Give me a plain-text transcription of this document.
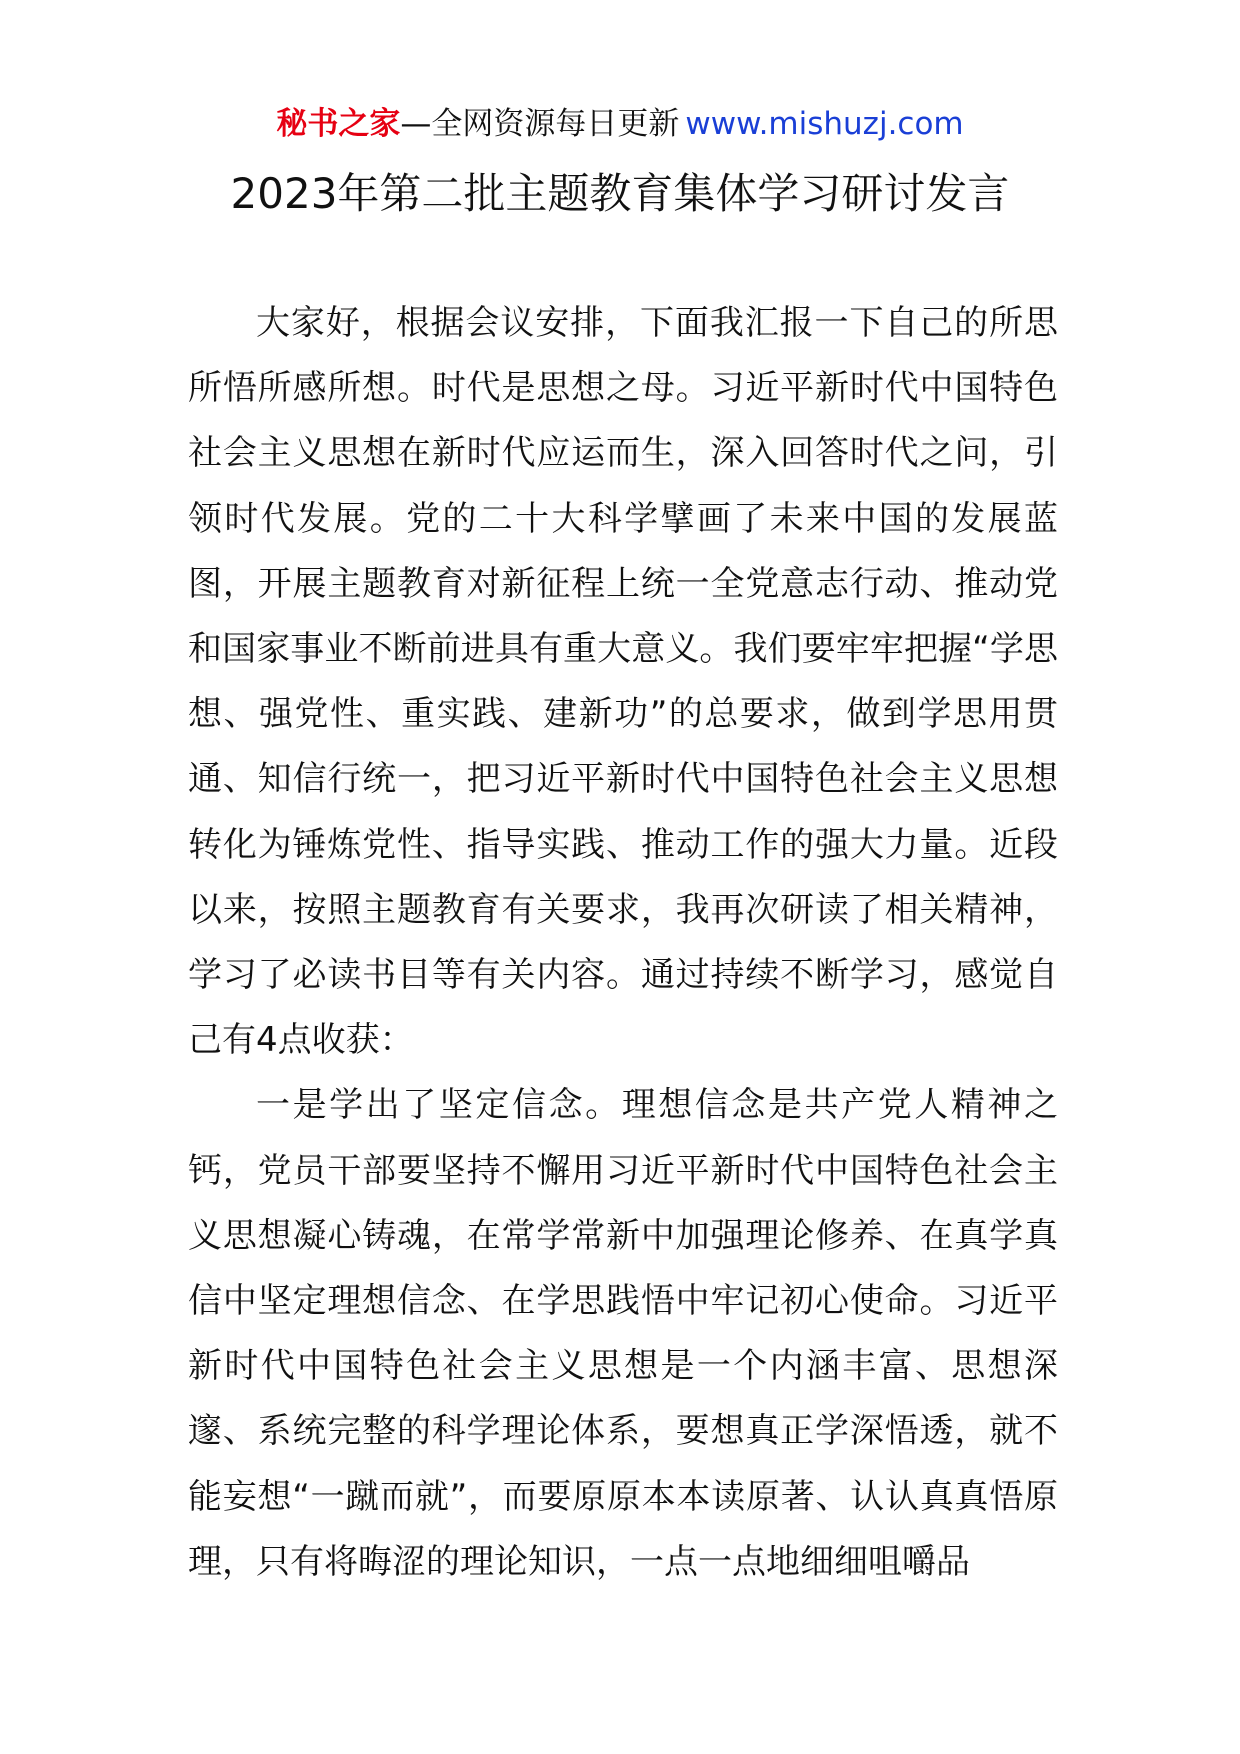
秘书之家—全网资源每日更新 www.mishuzj.com
2023年第二批主题教育集体学习研讨发言

大家好，根据会议安排，下面我汇报一下自己的所思所悟所感所想。时代是思想之母。习近平新时代中国特色社会主义思想在新时代应运而生，深入回答时代之问，引领时代发展。党的二十大科学擘画了未来中国的发展蓝图，开展主题教育对新征程上统一全党意志行动、推动党和国家事业不断前进具有重大意义。我们要牢牢把握“学思想、强党性、重实践、建新功”的总要求，做到学思用贯通、知信行统一，把习近平新时代中国特色社会主义思想转化为锤炼党性、指导实践、推动工作的强大力量。近段以来，按照主题教育有关要求，我再次研读了相关精神，学习了必读书目等有关内容。通过持续不断学习，感觉自己有4点收获：

一是学出了坚定信念。理想信念是共产党人精神之钙，党员干部要坚持不懈用习近平新时代中国特色社会主义思想凝心铸魂，在常学常新中加强理论修养、在真学真信中坚定理想信念、在学思践悟中牢记初心使命。习近平新时代中国特色社会主义思想是一个内涵丰富、思想深邃、系统完整的科学理论体系，要想真正学深悟透，就不能妄想“一蹴而就”，而要原原本本读原著、认认真真悟原理，只有将晦涩的理论知识，一点一点地细细咀嚼品
